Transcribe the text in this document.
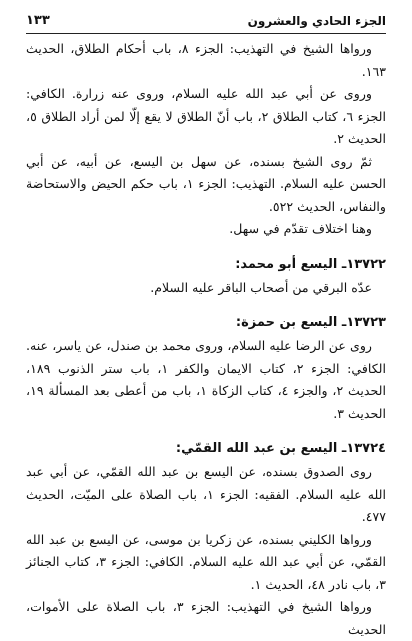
الجزء الحادي والعشرون
١٣٣

ورواها الشيخ في التهذيب: الجزء ٨، باب أحكام الطلاق، الحديث ١٦٣.

وروى عن أبي عبد الله عليه السلام، وروى عنه زرارة. الكافي: الجزء ٦، كتاب الطلاق ٢، باب أنّ الطلاق لا يقع إلّا لمن أراد الطلاق ٥، الحديث ٢.

ثمّ روى الشيخ بسنده، عن سهل بن اليسع، عن أبيه، عن أبي الحسن عليه السلام. التهذيب: الجزء ١، باب حكم الحيض والاستحاضة والنفاس، الحديث ٥٢٢.

وهنا اختلاف تقدّم في سهل.

١٣٧٢٢ـ اليسع أبو محمد:

عدّه البرقي من أصحاب الباقر عليه السلام.

١٣٧٢٣ـ اليسع بن حمزة:

روى عن الرضا عليه السلام، وروى محمد بن صندل، عن ياسر، عنه. الكافي: الجزء ٢، كتاب الايمان والكفر ١، باب ستر الذنوب ١٨٩، الحديث ٢، والجزء ٤، كتاب الزكاة ١، باب من أعطى بعد المسألة ١٩، الحديث ٣.

١٣٧٢٤ـ اليسع بن عبد الله القمّي:

روى الصدوق بسنده، عن اليسع بن عبد الله القمّي، عن أبي عبد الله عليه السلام. الفقيه: الجزء ١، باب الصلاة على الميّت، الحديث ٤٧٧.

ورواها الكليني بسنده، عن زكريا بن موسى، عن اليسع بن عبد الله القمّي، عن أبي عبد الله عليه السلام. الكافي: الجزء ٣، كتاب الجنائز ٣، باب نادر ٤٨، الحديث ١.

ورواها الشيخ في التهذيب: الجزء ٣، باب الصلاة على الأموات، الحديث
